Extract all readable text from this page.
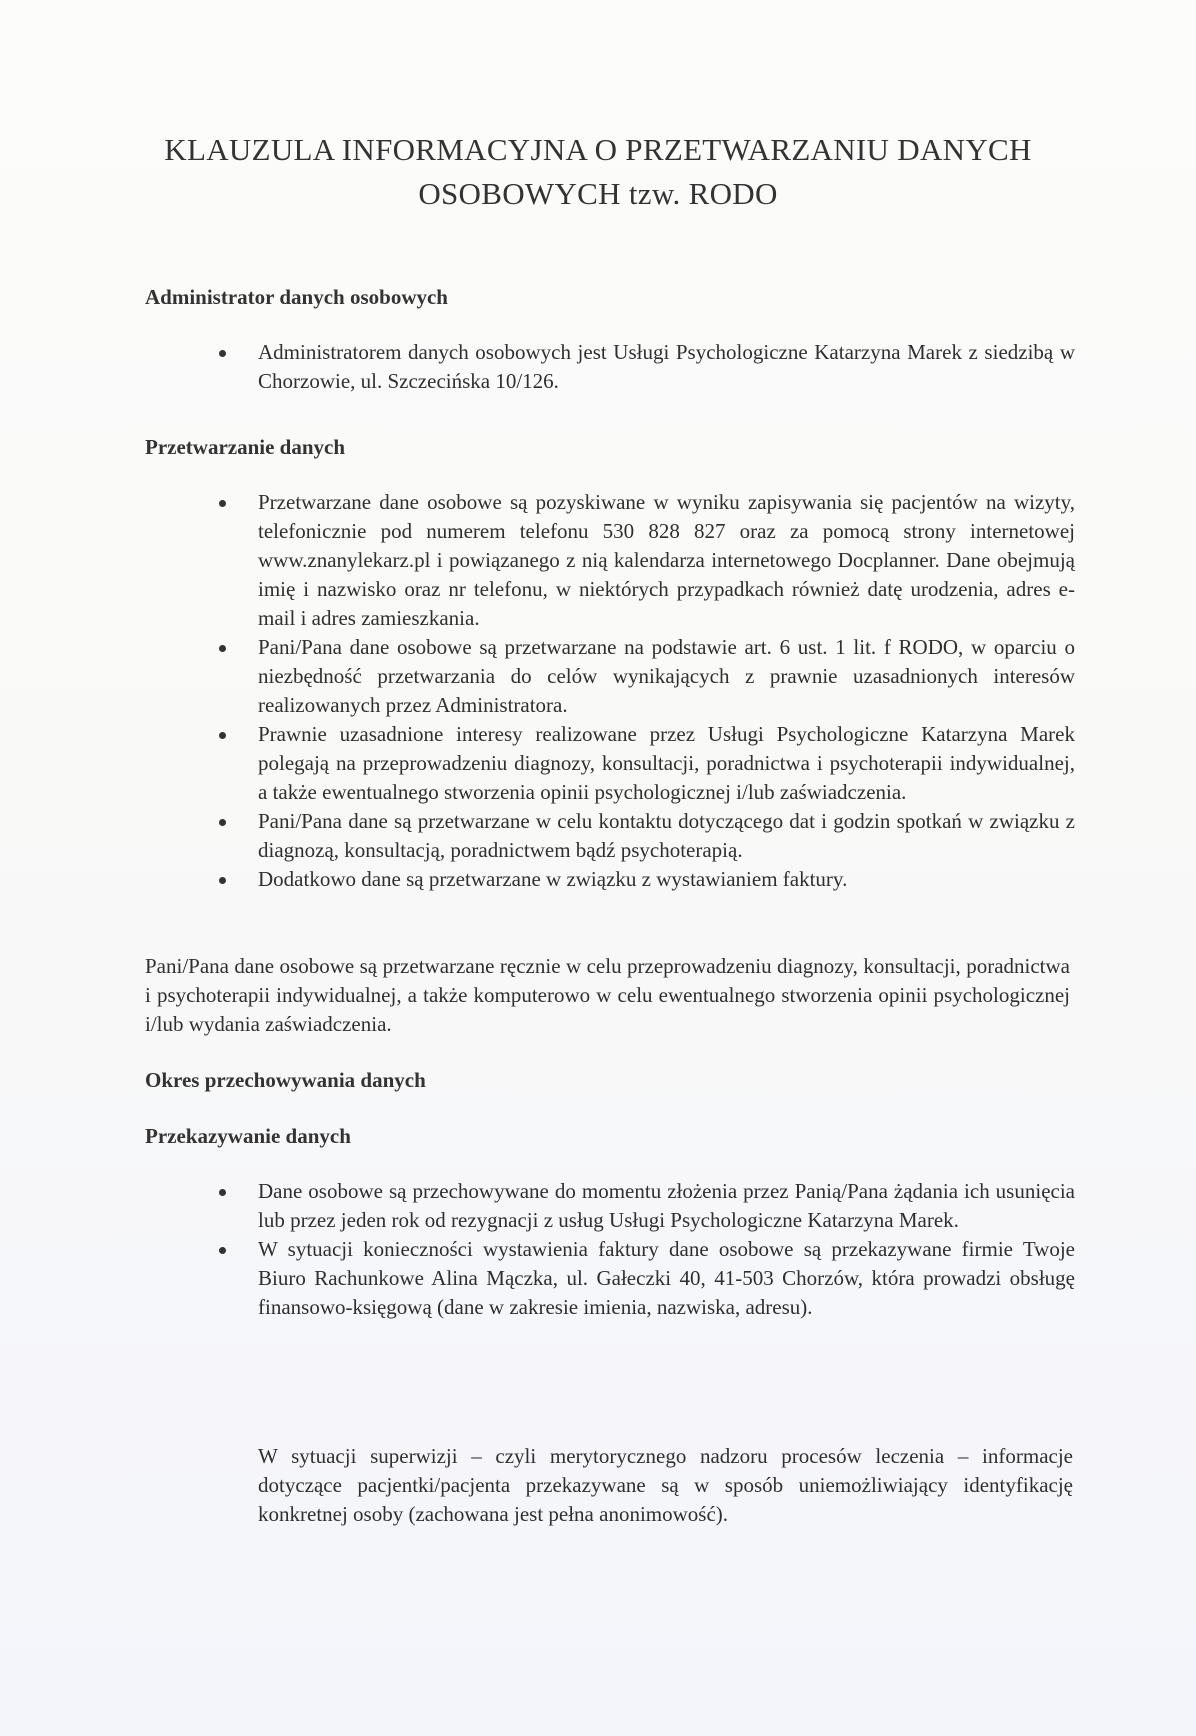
KLAUZULA INFORMACYJNA O PRZETWARZANIU DANYCH
OSOBOWYCH tzw. RODO
Administrator danych osobowych
Administratorem danych osobowych jest Usługi Psychologiczne Katarzyna Marek z siedzibą w Chorzowie, ul. Szczecińska 10/126.
Przetwarzanie danych
Przetwarzane dane osobowe są pozyskiwane w wyniku zapisywania się pacjentów na wizyty, telefonicznie pod numerem telefonu 530 828 827 oraz za pomocą strony internetowej www.znanylekarz.pl i powiązanego z nią kalendarza internetowego Docplanner. Dane obejmują imię i nazwisko oraz nr telefonu, w niektórych przypadkach również datę urodzenia, adres e-mail i adres zamieszkania.
Pani/Pana dane osobowe są przetwarzane na podstawie art. 6 ust. 1 lit. f RODO, w oparciu o niezbędność przetwarzania do celów wynikających z prawnie uzasadnionych interesów realizowanych przez Administratora.
Prawnie uzasadnione interesy realizowane przez Usługi Psychologiczne Katarzyna Marek polegają na przeprowadzeniu diagnozy, konsultacji, poradnictwa i psychoterapii indywidualnej, a także ewentualnego stworzenia opinii psychologicznej i/lub zaświadczenia.
Pani/Pana dane są przetwarzane w celu kontaktu dotyczącego dat i godzin spotkań w związku z diagnozą, konsultacją, poradnictwem bądź psychoterapią.
Dodatkowo dane są przetwarzane w związku z wystawianiem faktury.

Pani/Pana dane osobowe są przetwarzane ręcznie w celu przeprowadzeniu diagnozy, konsultacji, poradnictwa i psychoterapii indywidualnej, a także komputerowo w celu ewentualnego stworzenia opinii psychologicznej i/lub wydania zaświadczenia.

Okres przechowywania danych
Przekazywanie danych
Dane osobowe są przechowywane do momentu złożenia przez Panią/Pana żądania ich usunięcia lub przez jeden rok od rezygnacji z usług Usługi Psychologiczne Katarzyna Marek.
W sytuacji konieczności wystawienia faktury dane osobowe są przekazywane firmie Twoje Biuro Rachunkowe Alina Mączka, ul. Gałeczki 40, 41-503 Chorzów, która prowadzi obsługę finansowo-księgową (dane w zakresie imienia, nazwiska, adresu).

W sytuacji superwizji – czyli merytorycznego nadzoru procesów leczenia – informacje dotyczące pacjentki/pacjenta przekazywane są w sposób uniemożliwiający identyfikację konkretnej osoby (zachowana jest pełna anonimowość).
